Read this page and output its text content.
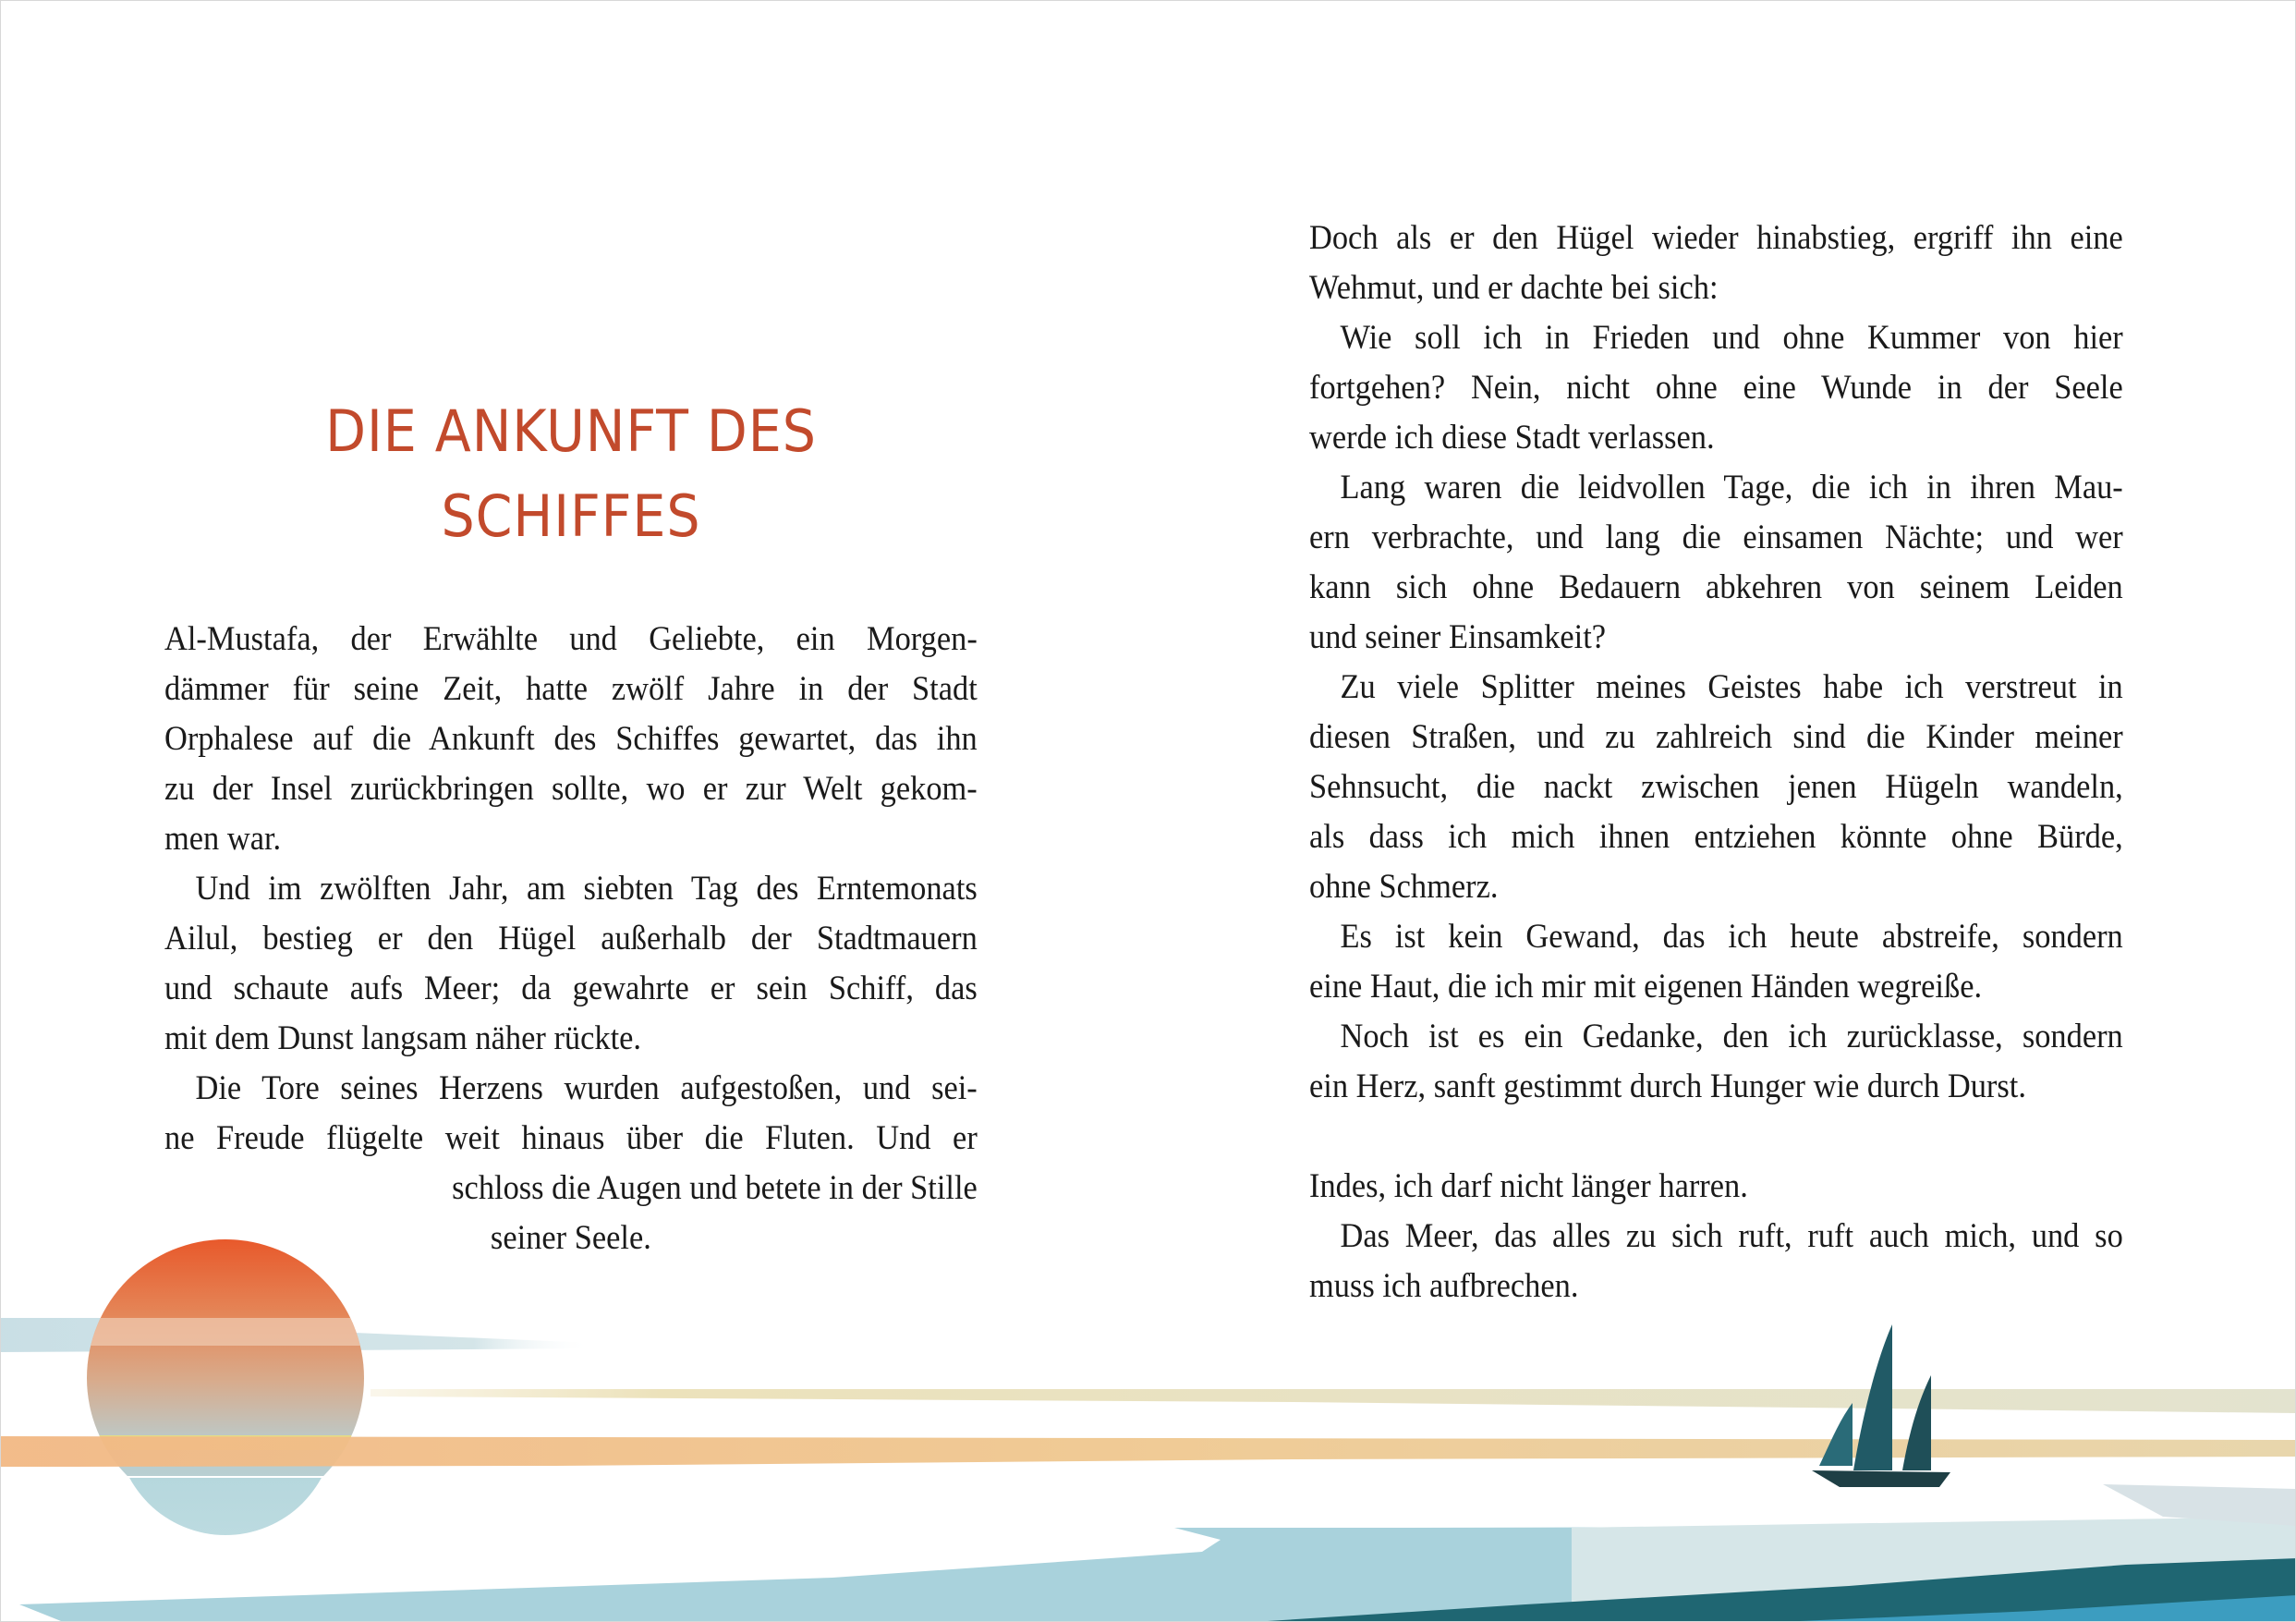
DIE ANKUNFT DES
SCHIFFES
Al-Mustafa, der Erwählte und Geliebte, ein Morgen-
dämmer für seine Zeit, hatte zwölf Jahre in der Stadt
Orphalese auf die Ankunft des Schiffes gewartet, das ihn
zu der Insel zurückbringen sollte, wo er zur Welt gekom-
men war.
Und im zwölften Jahr, am siebten Tag des Erntemonats
Ailul, bestieg er den Hügel außerhalb der Stadtmauern
und schaute aufs Meer; da gewahrte er sein Schiff, das
mit dem Dunst langsam näher rückte.
Die Tore seines Herzens wurden aufgestoßen, und sei-
ne Freude flügelte weit hinaus über die Fluten. Und er
schloss die Augen und betete in der Stille
seiner Seele.
Doch als er den Hügel wieder hinabstieg, ergriff ihn eine
Wehmut, und er dachte bei sich:
Wie soll ich in Frieden und ohne Kummer von hier
fortgehen? Nein, nicht ohne eine Wunde in der Seele
werde ich diese Stadt verlassen.
Lang waren die leidvollen Tage, die ich in ihren Mau-
ern verbrachte, und lang die einsamen Nächte; und wer
kann sich ohne Bedauern abkehren von seinem Leiden
und seiner Einsamkeit?
Zu viele Splitter meines Geistes habe ich verstreut in
diesen Straßen, und zu zahlreich sind die Kinder meiner
Sehnsucht, die nackt zwischen jenen Hügeln wandeln,
als dass ich mich ihnen entziehen könnte ohne Bürde,
ohne Schmerz.
Es ist kein Gewand, das ich heute abstreife, sondern
eine Haut, die ich mir mit eigenen Händen wegreiße.
Noch ist es ein Gedanke, den ich zurücklasse, sondern
ein Herz, sanft gestimmt durch Hunger wie durch Durst.
Indes, ich darf nicht länger harren.
Das Meer, das alles zu sich ruft, ruft auch mich, und so
muss ich aufbrechen.
